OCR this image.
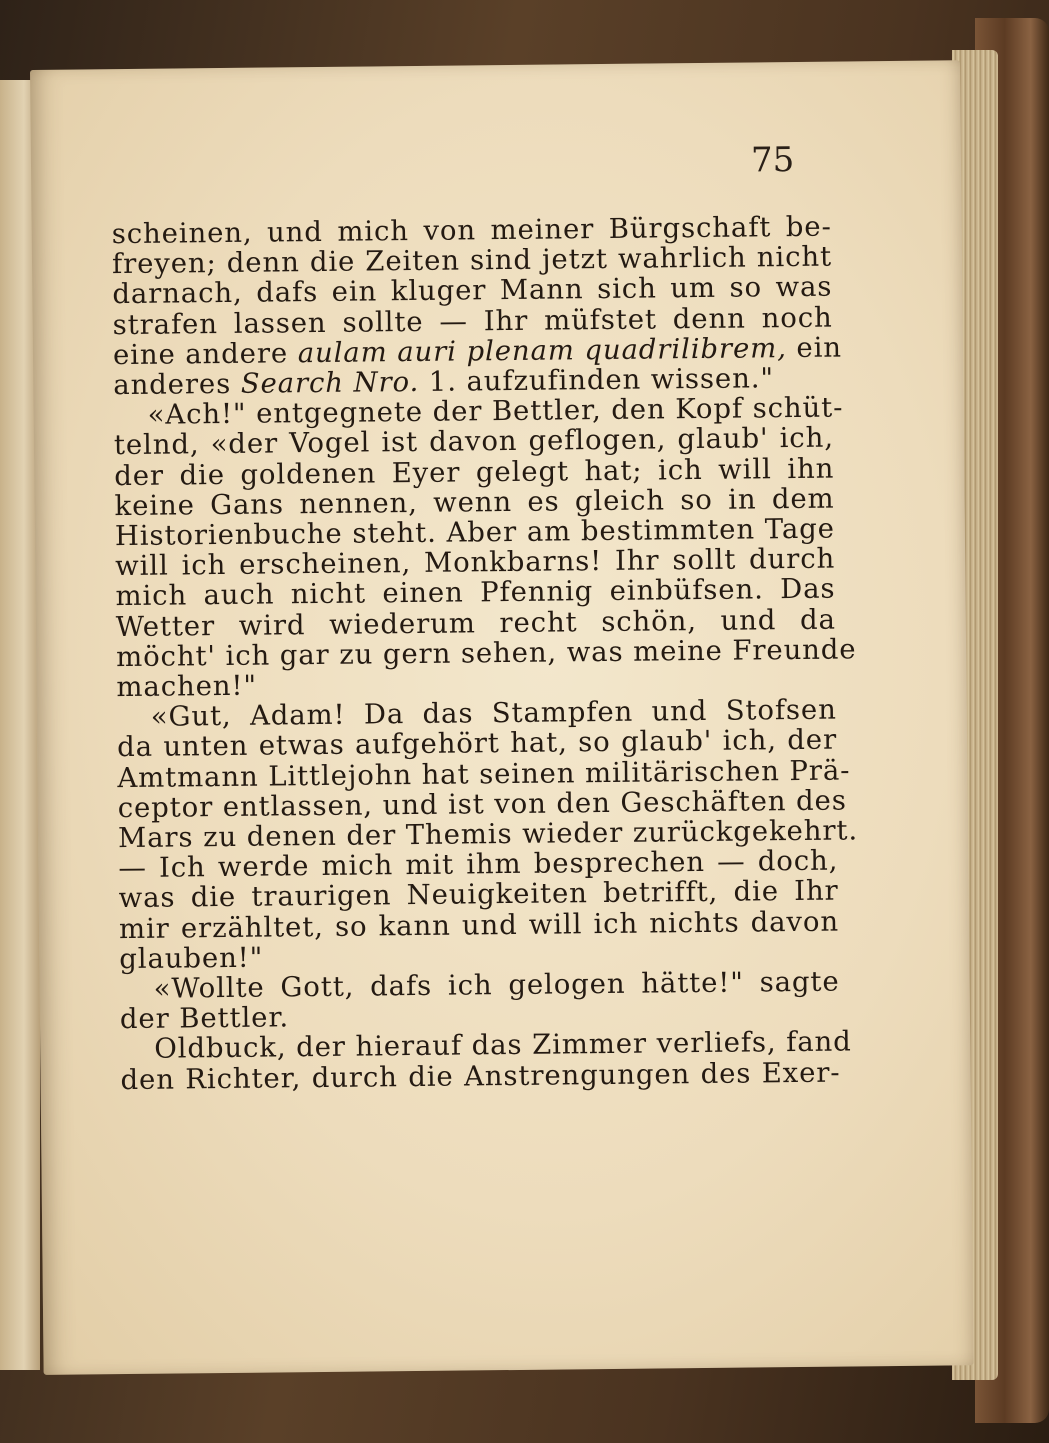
75
scheinen, und mich von meiner Bürgschaft be-
freyen; denn die Zeiten sind jetzt wahrlich nicht
darnach, dafs ein kluger Mann sich um so was
strafen lassen sollte — Ihr müfstet denn noch
eine andere aulam auri plenam quadrilibrem, ein
anderes Search Nro. 1. aufzufinden wissen."
«Ach!" entgegnete der Bettler, den Kopf schüt-
telnd, «der Vogel ist davon geflogen, glaub' ich,
der die goldenen Eyer gelegt hat; ich will ihn
keine Gans nennen, wenn es gleich so in dem
Historienbuche steht. Aber am bestimmten Tage
will ich erscheinen, Monkbarns! Ihr sollt durch
mich auch nicht einen Pfennig einbüfsen. Das
Wetter wird wiederum recht schön, und da
möcht' ich gar zu gern sehen, was meine Freunde
machen!"
«Gut, Adam! Da das Stampfen und Stofsen
da unten etwas aufgehört hat, so glaub' ich, der
Amtmann Littlejohn hat seinen militärischen Prä-
ceptor entlassen, und ist von den Geschäften des
Mars zu denen der Themis wieder zurückgekehrt.
— Ich werde mich mit ihm besprechen — doch,
was die traurigen Neuigkeiten betrifft, die Ihr
mir erzähltet, so kann und will ich nichts davon
glauben!"
«Wollte Gott, dafs ich gelogen hätte!" sagte
der Bettler.
Oldbuck, der hierauf das Zimmer verliefs, fand
den Richter, durch die Anstrengungen des Exer-
